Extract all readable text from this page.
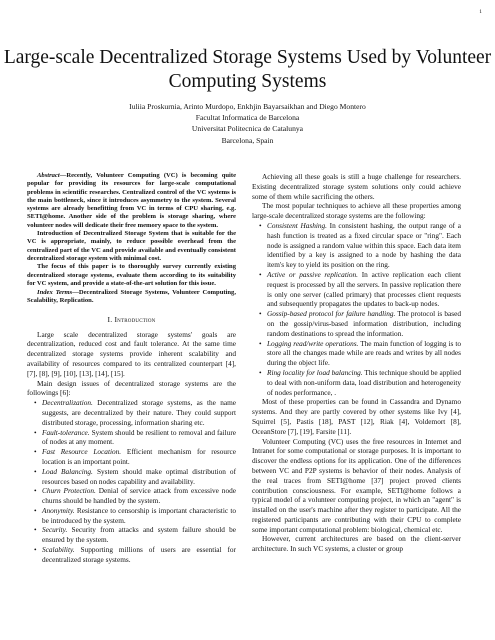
1
Large-scale Decentralized Storage Systems Used by Volunteer Computing Systems
Iuliia Proskurnia, Arinto Murdopo, Enkhjin Bayarsaikhan and Diego Montero
Facultat Informatica de Barcelona
Universitat Politecnica de Catalunya
Barcelona, Spain

Abstract—Recently, Volunteer Computing (VC) is becoming quite popular for providing its resources for large-scale computational problems in scientific researches. Centralized control of the VC systems is the main bottleneck, since it introduces asymmetry to the system. Several systems are already benefitting from VC in terms of CPU sharing, e.g. SETI@home. Another side of the problem is storage sharing, where volunteer nodes will dedicate their free memory space to the system.

Introduction of Decentralized Storage System that is suitable for the VC is appropriate, mainly, to reduce possible overhead from the centralized part of the VC and provide available and eventually consistent decentralized storage system with minimal cost.

The focus of this paper is to thoroughly survey currently existing decentralized storage systems, evaluate them according to its suitability for VC system, and provide a state-of-the-art solution for this issue.

Index Terms—Decentralized Storage Systems, Volunteer Computing, Scalability, Replication.

I. Introduction

Large scale decentralized storage systems' goals are decentralization, reduced cost and fault tolerance. At the same time decentralized storage systems provide inherent scalability and availability of resources compared to its centralized counterpart [4], [7], [8], [9], [10], [13], [14], [15].

Main design issues of decentralized storage systems are the followings [6]:

• Decentralization. Decentralized storage systems, as the name suggests, are decentralized by their nature. They could support distributed storage, processing, information sharing etc.
• Fault-tolerance. System should be resilient to removal and failure of nodes at any moment.
• Fast Resource Location. Efficient mechanism for resource location is an important point.
• Load Balancing. System should make optimal distribution of resources based on nodes capability and availability.
• Churn Protection. Denial of service attack from excessive node churns should be handled by the system.
• Anonymity. Resistance to censorship is important characteristic to be introduced by the system.
• Security. Security from attacks and system failure should be ensured by the system.
• Scalability. Supporting millions of users are essential for decentralized storage systems.

Achieving all these goals is still a huge challenge for researchers. Existing decentralized storage system solutions only could achieve some of them while sacrificing the others.

The most popular techniques to achieve all these properties among large-scale decentralized storage systems are the following:

• Consistent Hashing. In consistent hashing, the output range of a hash function is treated as a fixed circular space or "ring". Each node is assigned a random value within this space. Each data item identified by a key is assigned to a node by hashing the data item's key to yield its position on the ring.
• Active or passive replication. In active replication each client request is processed by all the servers. In passive replication there is only one server (called primary) that processes client requests and subsequently propagates the updates to back-up nodes.
• Gossip-based protocol for failure handling. The protocol is based on the gossip/virus-based information distribution, including random destinations to spread the information.
• Logging read/write operations. The main function of logging is to store all the changes made while are reads and writes by all nodes during the object life.
• Ring locality for load balancing. This technique should be applied to deal with non-uniform data, load distribution and heterogeneity of nodes performance, .

Most of these properties can be found in Cassandra and Dynamo systems. And they are partly covered by other systems like Ivy [4], Squirrel [5], Pastis [18], PAST [12], Riak [4], Voldemort [8], OceanStore [7], [19], Farsite [11].

Volunteer Computing (VC) uses the free resources in Internet and Intranet for some computational or storage purposes. It is important to discover the endless options for its application. One of the differences between VC and P2P systems is behavior of their nodes. Analysis of the real traces from SETI@home [37] project proved clients contribution consciousness. For example, SETI@home follows a typical model of a volunteer computing project, in which an "agent" is installed on the user's machine after they register to participate. All the registered participants are contributing with their CPU to complete some important computational problem: biological, chemical etc.

However, current architectures are based on the client-server architecture. In such VC systems, a cluster or group
